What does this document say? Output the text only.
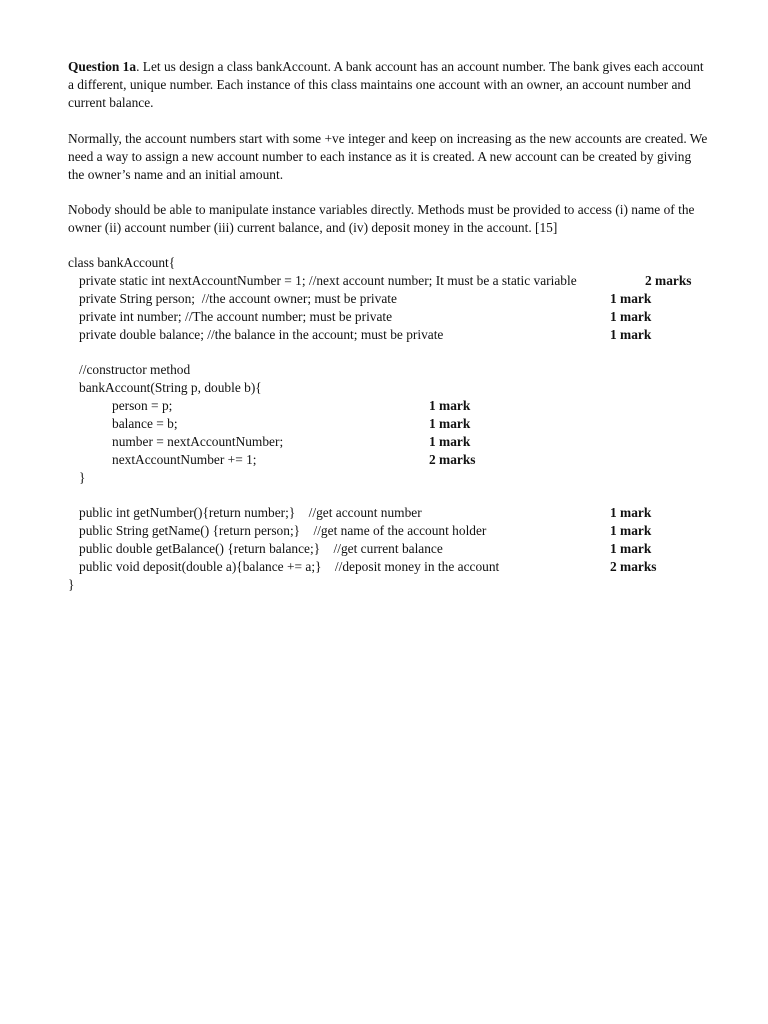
Question 1a. Let us design a class bankAccount. A bank account has an account number. The bank gives each account a different, unique number. Each instance of this class maintains one account with an owner, an account number and current balance.

Normally, the account numbers start with some +ve integer and keep on increasing as the new accounts are created. We need a way to assign a new account number to each instance as it is created. A new account can be created by giving the owner’s name and an initial amount.

Nobody should be able to manipulate instance variables directly. Methods must be provided to access (i) name of the owner (ii) account number (iii) current balance, and (iv) deposit money in the account. [15]

class bankAccount{
private static int nextAccountNumber = 1; //next account number; It must be a static variable	2 marks
private String person;  //the account owner; must be private	1 mark
private int number; //The account number; must be private	1 mark
private double balance; //the balance in the account; must be private	1 mark
//constructor method
bankAccount(String p, double b){
person = p;	1 mark
balance = b;	1 mark
number = nextAccountNumber;	1 mark
nextAccountNumber += 1;	2 marks
}
public int getNumber(){return number;}    //get account number	1 mark
public String getName() {return person;}    //get name of the account holder	1 mark
public double getBalance() {return balance;}    //get current balance	1 mark
public void deposit(double a){balance += a;}    //deposit money in the account	2 marks
}
